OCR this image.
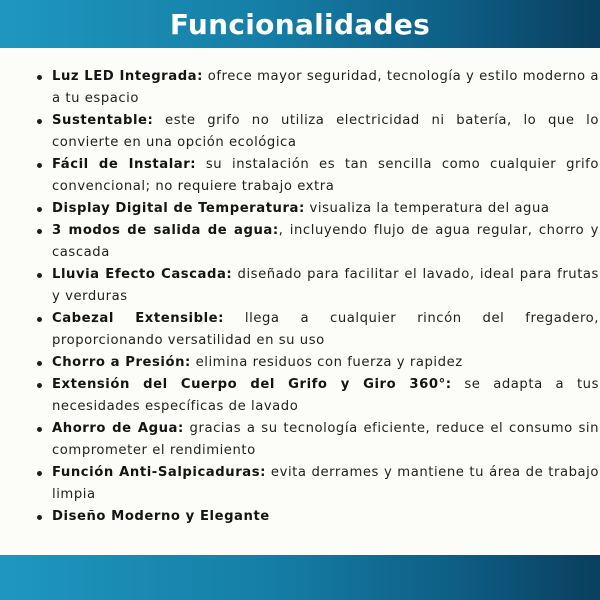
Funcionalidades
Luz LED Integrada: ofrece mayor seguridad, tecnología y estilo moderno a a tu espacio
Sustentable: este grifo no utiliza electricidad ni batería, lo que lo convierte en una opción ecológica
Fácil de Instalar: su instalación es tan sencilla como cualquier grifo convencional; no requiere trabajo extra
Display Digital de Temperatura: visualiza la temperatura del agua
3 modos de salida de agua:, incluyendo flujo de agua regular, chorro y cascada
Lluvia Efecto Cascada: diseñado para facilitar el lavado, ideal para frutas y verduras
Cabezal Extensible: llega a cualquier rincón del fregadero, proporcionando versatilidad en su uso
Chorro a Presión: elimina residuos con fuerza y rapidez
Extensión del Cuerpo del Grifo y Giro 360°: se adapta a tus necesidades específicas de lavado
Ahorro de Agua: gracias a su tecnología eficiente, reduce el consumo sin comprometer el rendimiento
Función Anti-Salpicaduras: evita derrames y mantiene tu área de trabajo limpia
Diseño Moderno y Elegante
